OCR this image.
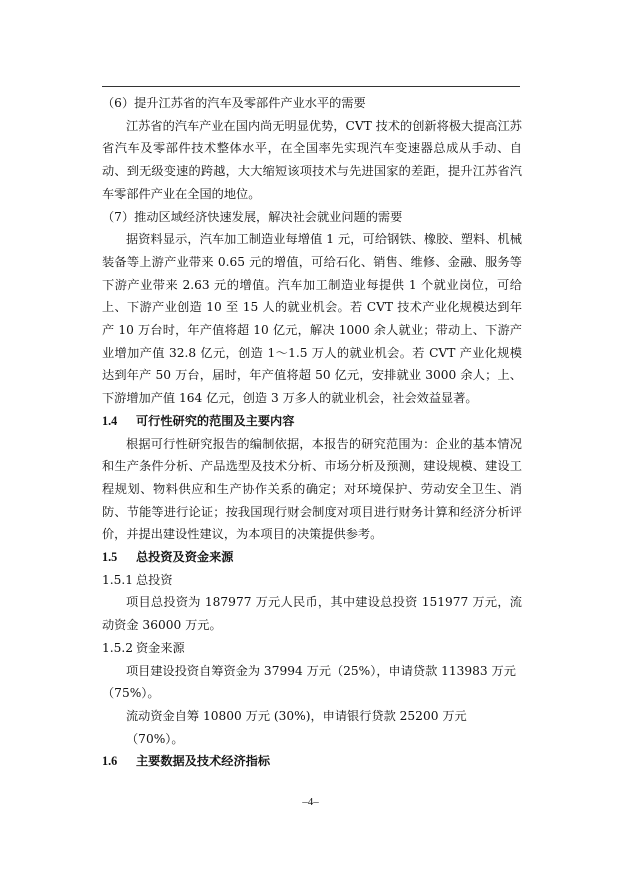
（6）提升江苏省的汽车及零部件产业水平的需要

江苏省的汽车产业在国内尚无明显优势，CVT 技术的创新将极大提高江苏省汽车及零部件技术整体水平，在全国率先实现汽车变速器总成从手动、自动、到无级变速的跨越，大大缩短该项技术与先进国家的差距，提升江苏省汽车零部件产业在全国的地位。

（7）推动区域经济快速发展，解决社会就业问题的需要

据资料显示，汽车加工制造业每增值 1 元，可给钢铁、橡胶、塑料、机械装备等上游产业带来 0.65 元的增值，可给石化、销售、维修、金融、服务等下游产业带来 2.63 元的增值。汽车加工制造业每提供 1 个就业岗位，可给上、下游产业创造 10 至 15 人的就业机会。若 CVT 技术产业化规模达到年产 10 万台时，年产值将超 10 亿元，解决 1000 余人就业；带动上、下游产业增加产值 32.8 亿元，创造 1～1.5 万人的就业机会。若 CVT 产业化规模达到年产 50 万台，届时，年产值将超 50 亿元，安排就业 3000 余人；上、下游增加产值 164 亿元，创造 3 万多人的就业机会，社会效益显著。

1.4 可行性研究的范围及主要内容

根据可行性研究报告的编制依据，本报告的研究范围为：企业的基本情况和生产条件分析、产品选型及技术分析、市场分析及预测，建设规模、建设工程规划、物料供应和生产协作关系的确定；对环境保护、劳动安全卫生、消防、节能等进行论证；按我国现行财会制度对项目进行财务计算和经济分析评价，并提出建设性建议，为本项目的决策提供参考。

1.5 总投资及资金来源

1.5.1 总投资

项目总投资为 187977 万元人民币，其中建设总投资 151977 万元，流动资金 36000 万元。

1.5.2 资金来源

项目建设投资自筹资金为 37994 万元（25%），申请贷款 113983 万元

（75%）。

流动资金自筹 10800 万元 (30%)，申请银行贷款 25200 万元（70%）。

1.6 主要数据及技术经济指标

–4–
